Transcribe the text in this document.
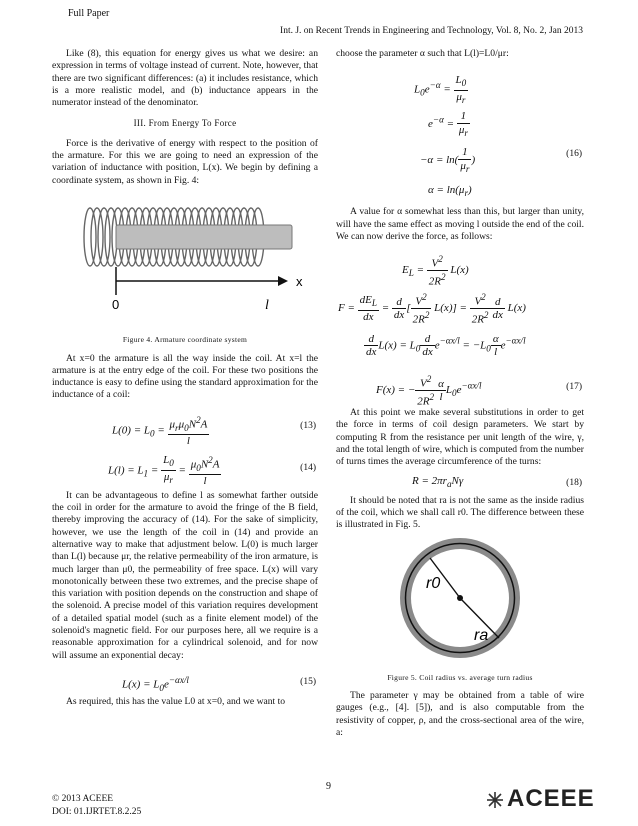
Full Paper
Int. J. on Recent Trends in Engineering and Technology, Vol. 8, No. 2, Jan 2013

Like (8), this equation for energy gives us what we desire: an expression in terms of voltage instead of current. Note, however, that there are two significant differences: (a) it includes resistance, which is a more realistic model, and (b) inductance appears in the numerator instead of the denominator.

III. From Energy To Force

Force is the derivative of energy with respect to the position of the armature. For this we are going to need an expression of the variation of inductance with position, L(x). We begin by defining a coordinate system, as shown in Fig. 4:

0	l
x
Figure 4. Armature coordinate system

At x=0 the armature is all the way inside the coil. At x=l the armature is at the entry edge of the coil. For these two positions the inductance is easy to define using the standard approximation for the inductance of a coil:

$L(0) = L_0 = \frac{\mu_r\mu_0N^2A}{l}$	(13)
$L(l) = L_1 = \frac{L_0}{\mu_r} = \frac{\mu_0N^2A}{l}$	(14)

It can be advantageous to define l as somewhat farther outside the coil in order for the armature to avoid the fringe of the B field, thereby improving the accuracy of (14). For the sake of simplicity, however, we use the length of the coil in (14) and provide an alternative way to make that adjustment below. L(0) is much larger than L(l) because μr, the relative permeability of the iron armature, is much larger than μ0, the permeability of free space. L(x) will vary monotonically between these two extremes, and the precise shape of this variation with position depends on the construction and shape of the solenoid. A precise model of this variation requires development of a detailed spatial model (such as a finite element model) of the solenoid's magnetic field. For our purposes here, all we require is a reasonable approximation for a cylindrical solenoid, and for now will assume an exponential decay:

$L(x) = L_0e^{-\alpha x/l}$	(15)

As required, this has the value L0 at x=0, and we want to

choose the parameter α such that L(l)=L0/μr:

$L_0e^{-\alpha} = \frac{L_0}{\mu_r}$
$e^{-\alpha} = \frac{1}{\mu_r}$
$-\alpha = \ln( \frac{1}{\mu_r}$ )
$\alpha = \ln(\mu_r)$
(16)

A value for α somewhat less than this, but larger than unity, will have the same effect as moving l outside the end of the coil. We can now derive the force, as follows:

$E_L = \frac{V^2}{2R^2} L(x)$
$F = \frac{dE_L}{dx} = \frac{d}{dx}$ [ $\frac{V^2}{2R^2} L(x)] = \frac{V^2}{2R^2} \frac{d}{dx} L(x)$
$\frac{d}{dx} L(x) = L_0 \frac{d}{dx} e^{-\alpha x/l} = -L_0 \frac{\alpha}{l} e^{-\alpha x/l}$
F(x) = − $\frac{V^2}{2R^2} \frac{\alpha}{l} L_0e^{-\alpha x/l}$	(17)

At this point we make several substitutions in order to get the force in terms of coil design parameters. We start by computing R from the resistance per unit length of the wire, γ, and the total length of wire, which is computed from the number of turns times the average circumference of the turns:

$R = 2\pi r_aN\gamma$	(18)

It should be noted that ra is not the same as the inside radius of the coil, which we shall call r0. The difference between these is illustrated in Fig. 5.

r0
ra
Figure 5. Coil radius vs. average turn radius

The parameter γ may be obtained from a table of wire gauges (e.g., [4]. [5]), and is also computable from the resistivity of copper, ρ, and the cross-sectional area of the wire, a:

9
© 2013 ACEEE
DOI: 01.IJRTET.8.2.25	ACEEE
